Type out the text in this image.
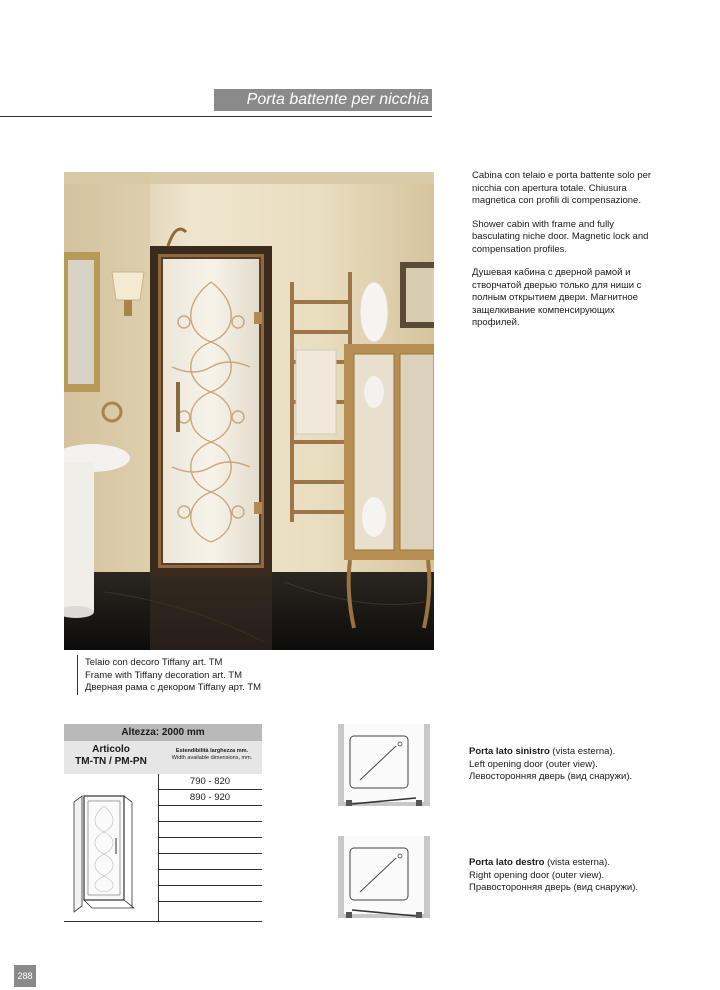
Porta battente per nicchia
Telaio con decoro Tiffany art. TM
Frame with Tiffany decoration art. TM
Дверная рама с декором Tiffany арт. TM

Cabina con telaio e porta battente solo per nicchia con apertura totale. Chiusura magnetica con profili di compensazione.

Shower cabin with frame and fully basculating niche door. Magnetic lock and compensation profiles.

Душевая кабина с дверной рамой и створчатой дверью только для ниши с полным открытием двери. Магнитное защелкивание компенсирующих профилей.

Altezza: 2000 mm
Articolo
TM-TN / PM-PN
Estendibilità larghezza mm.
Width available dimensions, mm.
790 - 820
890 - 920
Porta lato sinistro (vista esterna).
Left opening door (outer view).
Левосторонняя дверь (вид снаружи).
Porta lato destro (vista esterna).
Right opening door (outer view).
Правосторонняя дверь (вид снаружи).
288
